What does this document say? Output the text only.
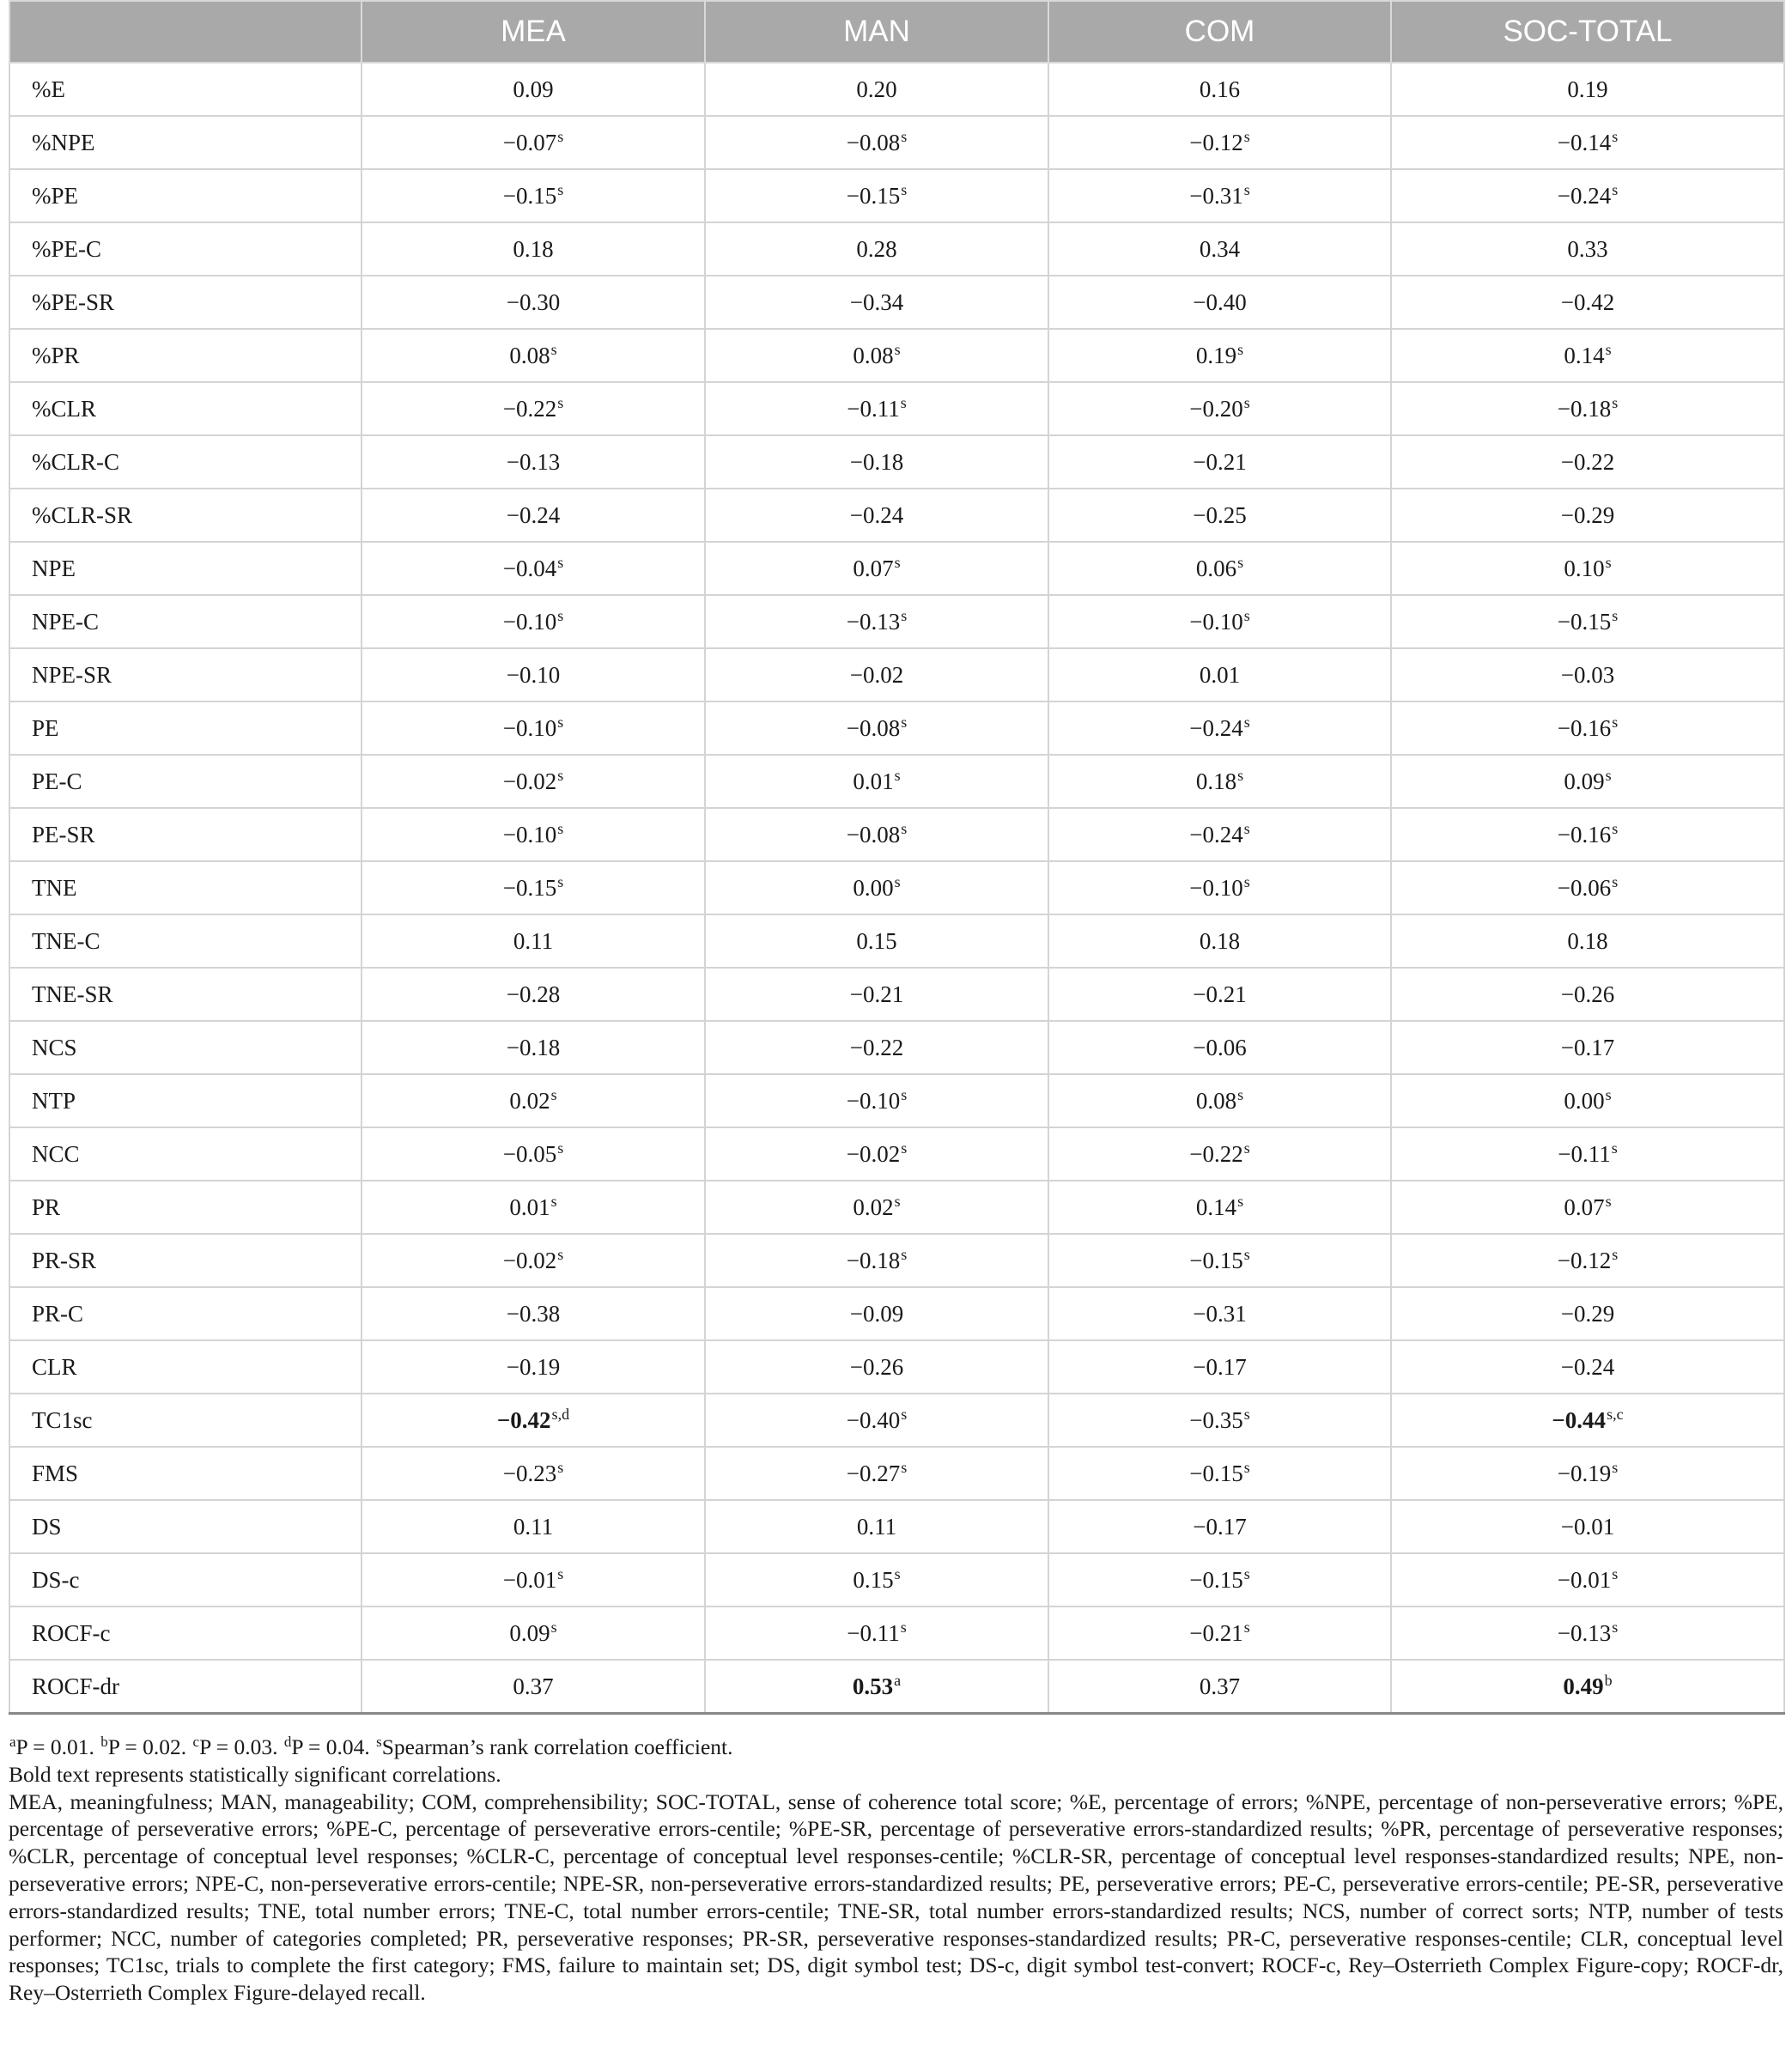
	MEA	MAN	COM	SOC-TOTAL
%E	0.09	0.20	0.16	0.19
%NPE	$-0.07^s$	$-0.08^s$	$-0.12^s$	$-0.14^s$
%PE	$-0.15^s$	$-0.15^s$	$-0.31^s$	$-0.24^s$
%PE-C	0.18	0.28	0.34	0.33
%PE-SR	−0.30	−0.34	−0.40	−0.42
%PR	0.08$^s$	0.08$^s$	0.19$^s$	0.14$^s$
%CLR	$-0.22^s$	$-0.11^s$	$-0.20^s$	$-0.18^s$
%CLR-C	−0.13	−0.18	−0.21	−0.22
%CLR-SR	−0.24	−0.24	−0.25	−0.29
NPE	$-0.04^s$	0.07$^s$	0.06$^s$	0.10$^s$
NPE-C	$-0.10^s$	$-0.13^s$	$-0.10^s$	$-0.15^s$
NPE-SR	−0.10	−0.02	0.01	−0.03
PE	$-0.10^s$	$-0.08^s$	$-0.24^s$	$-0.16^s$
PE-C	$-0.02^s$	0.01$^s$	0.18$^s$	0.09$^s$
PE-SR	$-0.10^s$	$-0.08^s$	$-0.24^s$	$-0.16^s$
TNE	$-0.15^s$	$0.00^s$	$-0.10^s$	$-0.06^s$
TNE-C	0.11	0.15	0.18	0.18
TNE-SR	−0.28	−0.21	−0.21	−0.26
NCS	−0.18	−0.22	−0.06	−0.17
NTP	$0.02^s$	$-0.10^s$	0.08$^s$	0.00$^s$
NCC	$-0.05^s$	$-0.02^s$	$-0.22^s$	$-0.11^s$
PR	0.01$^s$	0.02$^s$	0.14$^s$	0.07$^s$
PR-SR	$-0.02^s$	$-0.18^s$	$-0.15^s$	$-0.12^s$
PR-C	−0.38	−0.09	−0.31	−0.29
CLR	−0.19	−0.26	−0.17	−0.24
TC1sc	$-0.42^{s,d}$	$-0.40^s$	$-0.35^s$	$-0.44^{s,c}$
FMS	$-0.23^s$	$-0.27^s$	$-0.15^s$	$-0.19^s$
DS	0.11	0.11	−0.17	−0.01
DS-c	$-0.01^s$	$0.15^s$	$-0.15^s$	$-0.01^s$
ROCF-c	$0.09^s$	$-0.11^s$	$-0.21^s$	$-0.13^s$
ROCF-dr	0.37	0.53$^a$	0.37	0.49$^b$

$^a$P = 0.01. $^b$P = 0.02. $^c$P = 0.03. $^d$P = 0.04. $^s$Spearman’s rank correlation coefficient.

Bold text represents statistically significant correlations.

MEA, meaningfulness; MAN, manageability; COM, comprehensibility; SOC-TOTAL, sense of coherence total score; %E, percentage of errors; %NPE, percentage of non-perseverative errors; %PE, percentage of perseverative errors; %PE-C, percentage of perseverative errors-centile; %PE-SR, percentage of perseverative errors-standardized results; %PR, percentage of perseverative responses; %CLR, percentage of conceptual level responses; %CLR-C, percentage of conceptual level responses-centile; %CLR-SR, percentage of conceptual level responses-standardized results; NPE, non-perseverative errors; NPE-C, non-perseverative errors-centile; NPE-SR, non-perseverative errors-standardized results; PE, perseverative errors; PE-C, perseverative errors-centile; PE-SR, perseverative errors-standardized results; TNE, total number errors; TNE-C, total number errors-centile; TNE-SR, total number errors-standardized results; NCS, number of correct sorts; NTP, number of tests performer; NCC, number of categories completed; PR, perseverative responses; PR-SR, perseverative responses-standardized results; PR-C, perseverative responses-centile; CLR, conceptual level responses; TC1sc, trials to complete the first category; FMS, failure to maintain set; DS, digit symbol test; DS-c, digit symbol test-convert; ROCF-c, Rey–Osterrieth Complex Figure-copy; ROCF-dr, Rey–Osterrieth Complex Figure-delayed recall.
